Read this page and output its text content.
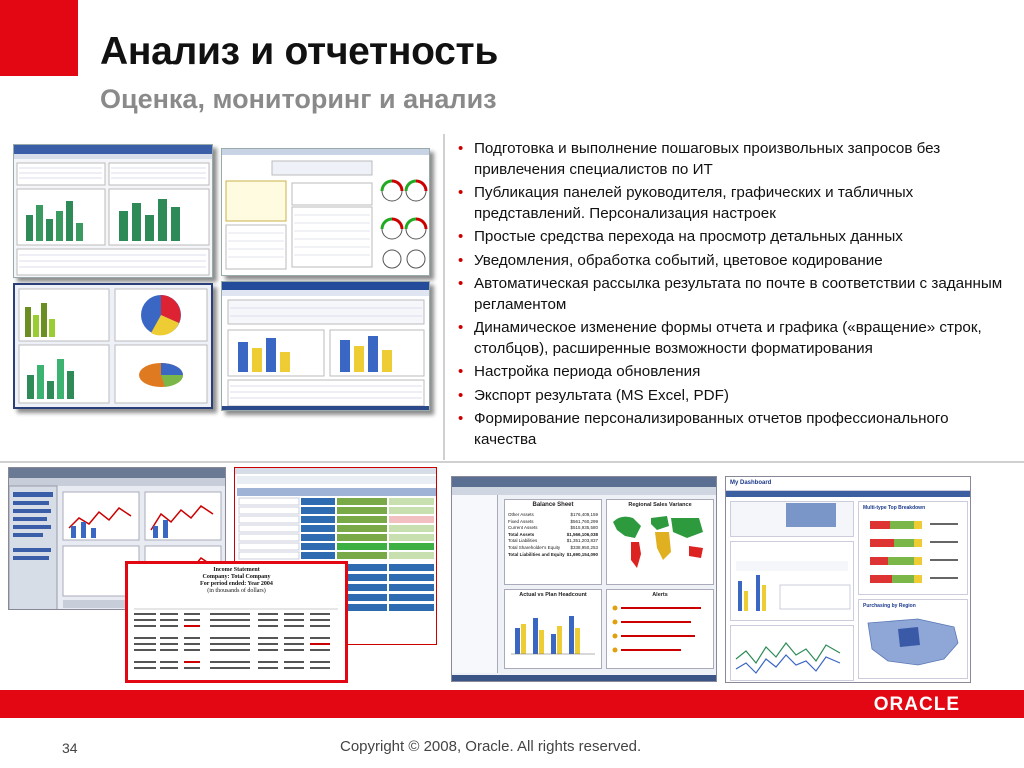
Анализ и отчетность
Оценка, мониторинг и анализ
• Подготовка и выполнение пошаговых произвольных запросов без привлечения специалистов по ИТ
• Публикация панелей руководителя, графических и табличных представлений. Персонализация настроек
• Простые средства перехода на просмотр детальных данных
• Уведомления, обработка событий, цветовое кодирование
• Автоматическая рассылка результата по почте в соответствии с заданным регламентом
• Динамическое изменение формы отчета и графика («вращение» строк, столбцов), расширенные возможности форматирования
• Настройка периода обновления
• Экспорт результата (MS Excel, PDF)
• Формирование персонализированных отчетов профессионального качества
Income Statement
Company: Total Company
For period ended: Year 2004
(in thousands of dollars)
Balance Sheet
Other Assets	$176,409,159
Fixed Assets	$561,760,299
Current Assets	$515,935,580
Total Assets	$1,566,106,038
Total Liabilities	$1,351,203,837
Total Shareholder's Equity $338,950,253
Total Liabilities and Equity $1,690,154,090
Regional Sales Variance
Actual vs Plan Headcount	Alerts
My Dashboard
Multi-type Top Breakdown
Purchasing by Region
ORACLE
34	Copyright © 2008, Oracle. All rights reserved.
